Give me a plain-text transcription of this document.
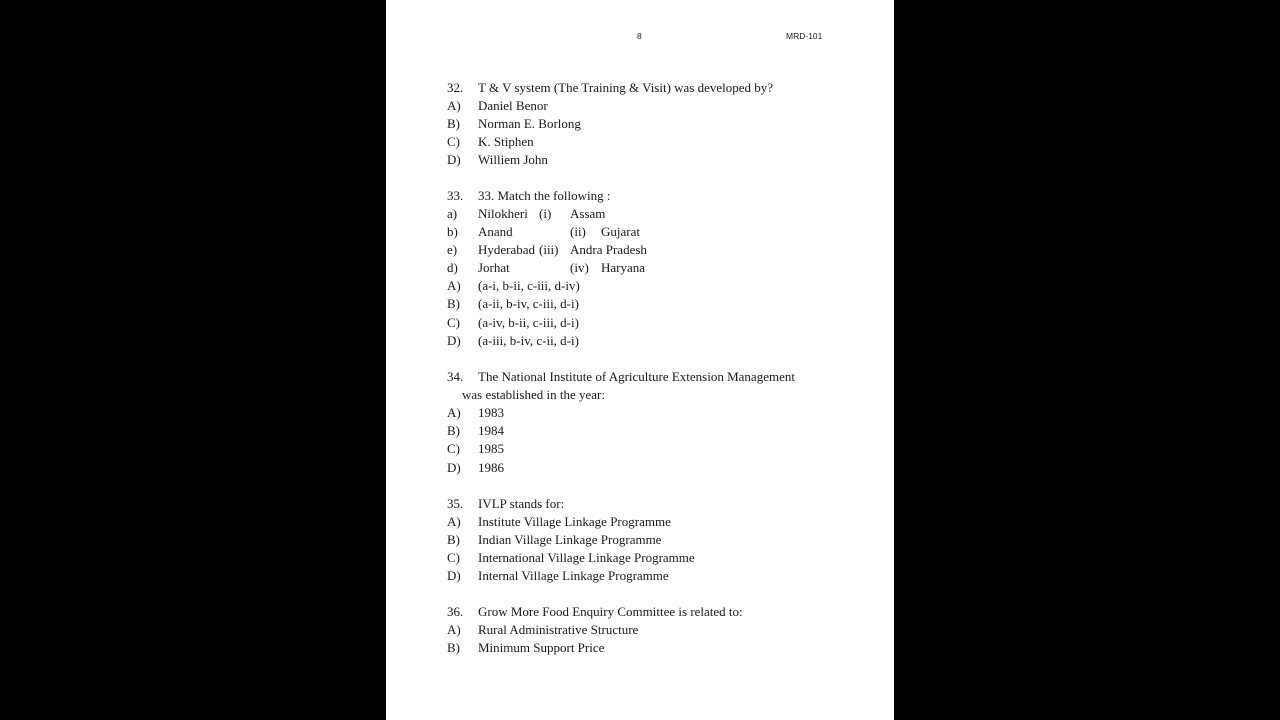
8	MRD-101
32. T & V system (The Training & Visit) was developed by?
A) Daniel Benor
B) Norman E. Borlong
C) K. Stiphen
D) Williem John
33. 33. Match the following :
a) Nilokheri (i) Assam
b) Anand	(ii) Gujarat
e) Hyderabad (iii) Andra Pradesh
d) Jorhat	(iv) Haryana
A) (a-i, b-ii, c-iii, d-iv)
B) (a-ii, b-iv, c-iii, d-i)
C) (a-iv, b-ii, c-iii, d-i)
D) (a-iii, b-iv, c-ii, d-i)
34. The National Institute of Agriculture Extension Management
was established in the year:
A) 1983
B) 1984
C) 1985
D) 1986
35. IVLP stands for:
A) Institute Village Linkage Programme
B) Indian Village Linkage Programme
C) International Village Linkage Programme
D) Internal Village Linkage Programme
36. Grow More Food Enquiry Committee is related to:
A) Rural Administrative Structure
B) Minimum Support Price
